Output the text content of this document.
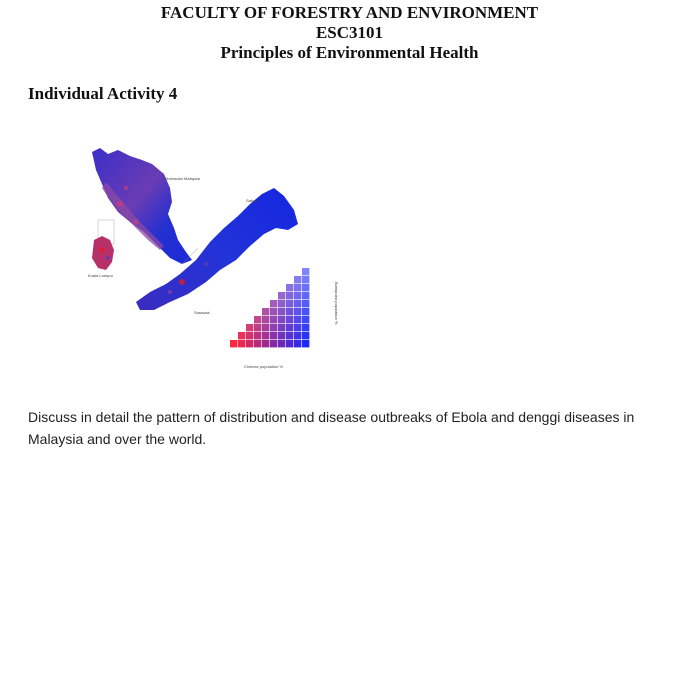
FACULTY OF FORESTRY AND ENVIRONMENT
ESC3101
Principles of Environmental Health
Individual Activity 4
Peninsular Malaysia
Kuala Lumpur
Sabah
Sarawak
Chinese population %
Bumiputra population %
Discuss in detail the pattern of distribution and disease outbreaks of Ebola and denggi diseases in Malaysia and over the world.
